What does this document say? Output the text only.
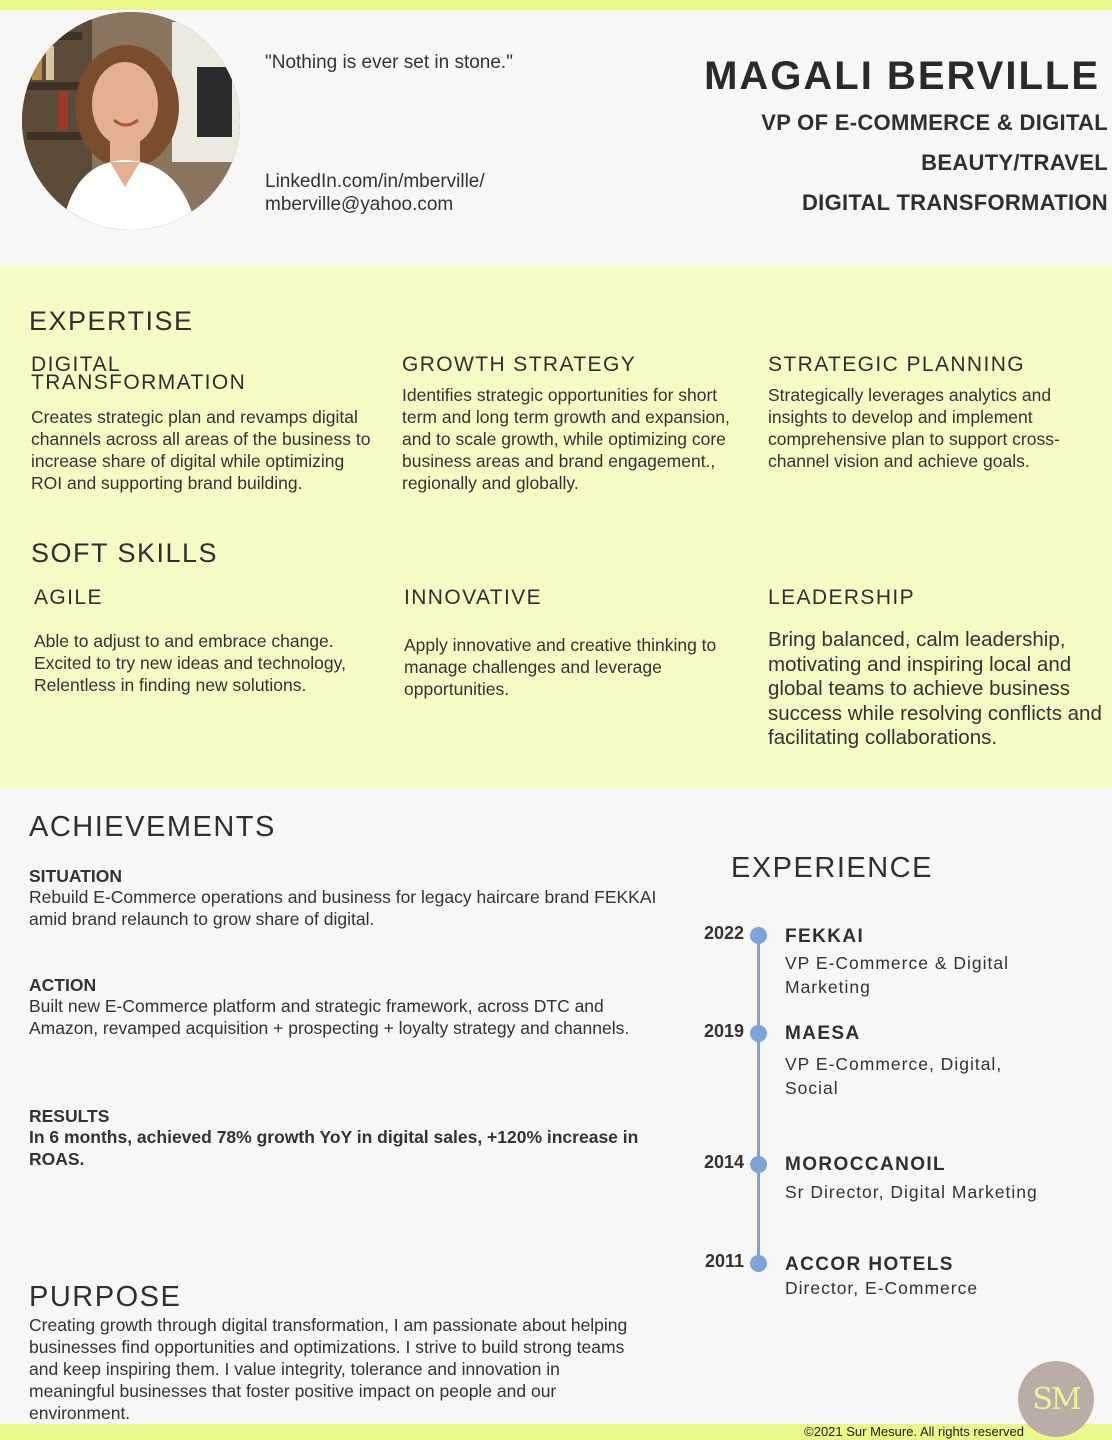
"Nothing is ever set in stone."
LinkedIn.com/in/mberville/
mberville@yahoo.com
MAGALI BERVILLE
VP OF E-COMMERCE & DIGITAL
BEAUTY/TRAVEL
DIGITAL TRANSFORMATION
EXPERTISE
DIGITAL
TRANSFORMATION
Creates strategic plan and revamps digital channels across all areas of the business to increase share of digital while optimizing ROI and supporting brand building.
GROWTH STRATEGY
Identifies strategic opportunities for short term and long term growth and expansion, and to scale growth, while optimizing core business areas and brand engagement., regionally and globally.
STRATEGIC PLANNING
Strategically leverages analytics and insights to develop and implement comprehensive plan to support cross-channel vision and achieve goals.
SOFT SKILLS
AGILE
Able to adjust to and embrace change. Excited to try new ideas and technology, Relentless in finding new solutions.
INNOVATIVE
Apply innovative and creative thinking to manage challenges and leverage opportunities.
LEADERSHIP
Bring balanced, calm leadership, motivating and inspiring local and global teams to achieve business success while resolving conflicts and facilitating collaborations.
ACHIEVEMENTS
SITUATION
Rebuild E-Commerce operations and business for legacy haircare brand FEKKAI amid brand relaunch to grow share of digital.
ACTION
Built new E-Commerce platform and strategic framework, across DTC and Amazon, revamped acquisition + prospecting + loyalty strategy and channels.
RESULTS
In 6 months, achieved 78% growth YoY in digital sales, +120% increase in ROAS.
PURPOSE
Creating growth through digital transformation, I am passionate about helping businesses find opportunities and optimizations. I strive to build strong teams and keep inspiring them. I value integrity, tolerance and innovation in meaningful businesses that foster positive impact on people and our environment.
EXPERIENCE
2022 FEKKAI
VP E-Commerce & Digital Marketing
2019 MAESA
VP E-Commerce, Digital, Social
2014 MOROCCANOIL
Sr Director, Digital Marketing
2011 ACCOR HOTELS
Director, E-Commerce
©2021 Sur Mesure. All rights reserved
SM
